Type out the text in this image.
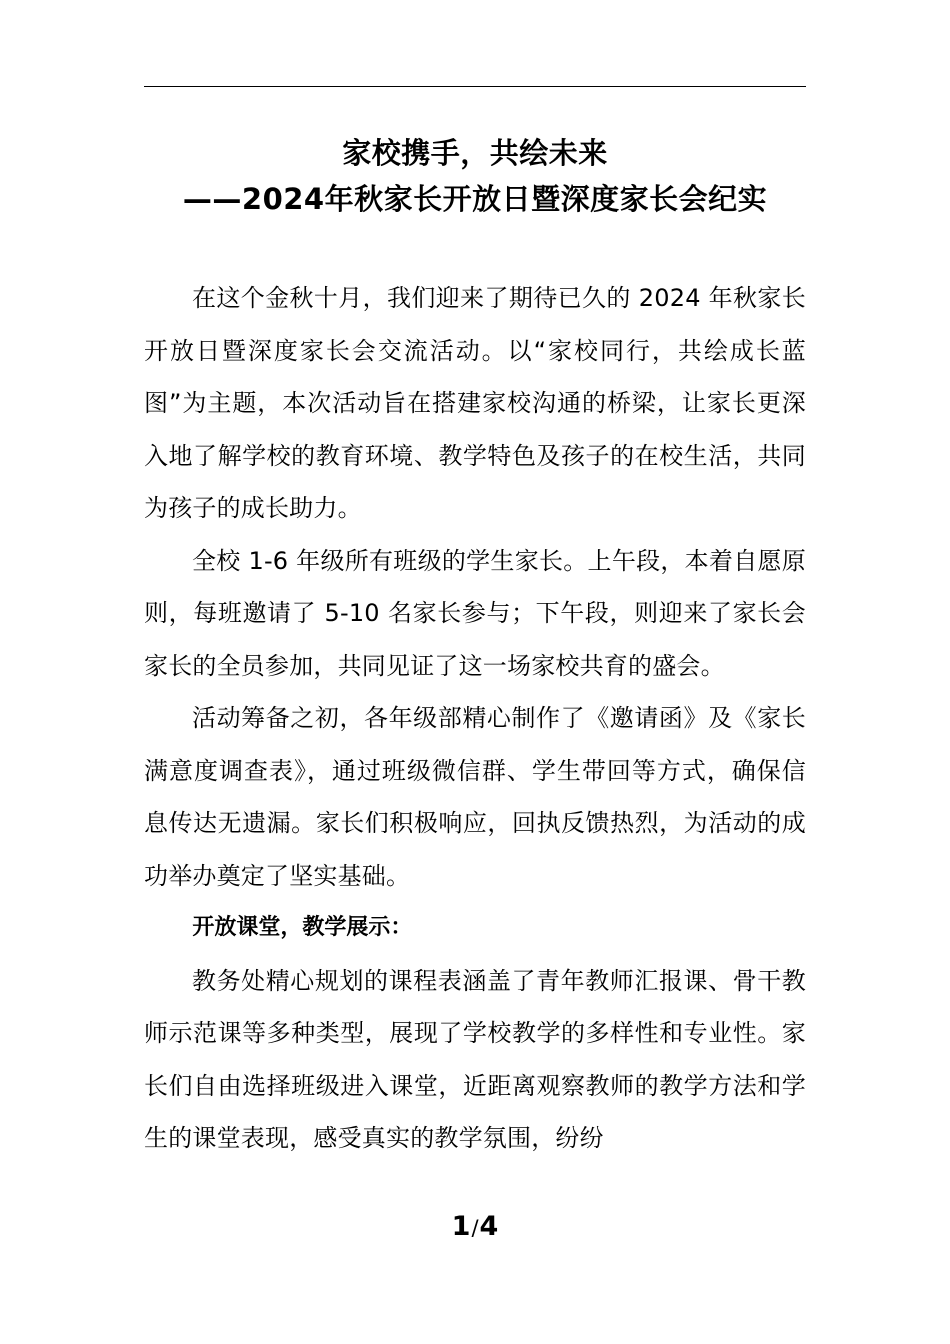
家校携手，共绘未来
——2024年秋家长开放日暨深度家长会纪实

在这个金秋十月，我们迎来了期待已久的 2024 年秋家长开放日暨深度家长会交流活动。以“家校同行，共绘成长蓝图”为主题，本次活动旨在搭建家校沟通的桥梁，让家长更深入地了解学校的教育环境、教学特色及孩子的在校生活，共同为孩子的成长助力。

全校 1-6 年级所有班级的学生家长。上午段，本着自愿原则，每班邀请了 5-10 名家长参与；下午段，则迎来了家长会家长的全员参加，共同见证了这一场家校共育的盛会。

活动筹备之初，各年级部精心制作了《邀请函》及《家长满意度调查表》，通过班级微信群、学生带回等方式，确保信息传达无遗漏。家长们积极响应，回执反馈热烈，为活动的成功举办奠定了坚实基础。

开放课堂，教学展示：

教务处精心规划的课程表涵盖了青年教师汇报课、骨干教师示范课等多种类型，展现了学校教学的多样性和专业性。家长们自由选择班级进入课堂，近距离观察教师的教学方法和学生的课堂表现，感受真实的教学氛围，纷纷

1/4
